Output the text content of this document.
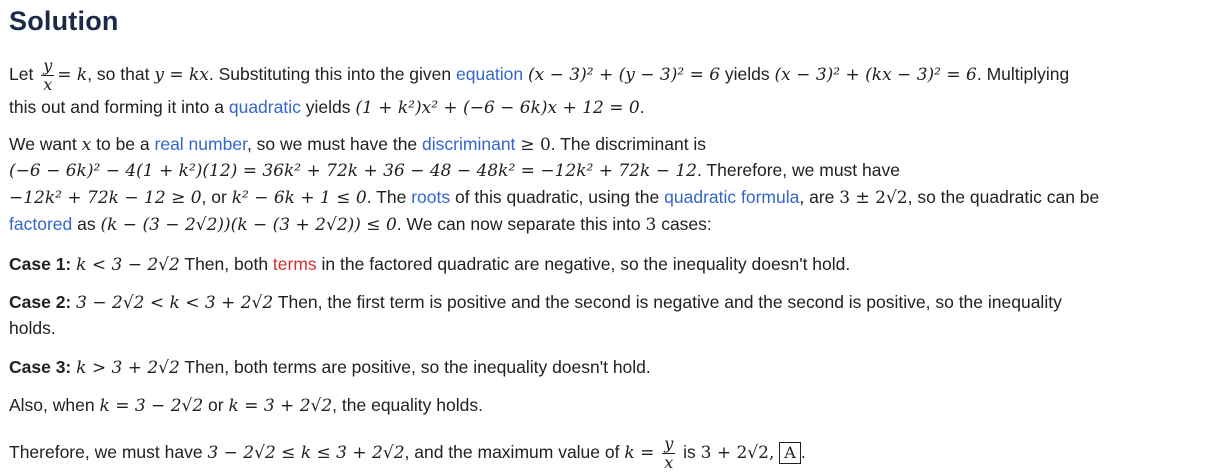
Solution
Let $\frac{y}{x} = k$, so that y = kx. Substituting this into the given equation (x − 3)² + (y − 3)² = 6 yields (x − 3)² + (kx − 3)² = 6. Multiplying
this out and forming it into a quadratic yields (1 + k²)x² + (−6 − 6k)x + 12 = 0.
We want x to be a real number, so we must have the discriminant ≥ 0. The discriminant is
(−6 − 6k)² − 4(1 + k²)(12) = 36k² + 72k + 36 − 48 − 48k² = −12k² + 72k − 12. Therefore, we must have
−12k² + 72k − 12 ≥ 0, or k² − 6k + 1 ≤ 0. The roots of this quadratic, using the quadratic formula, are 3 ± 2√2, so the quadratic can be
factored as (k − (3 − 2√2))(k − (3 + 2√2)) ≤ 0. We can now separate this into 3 cases:
Case 1: k < 3 − 2√2 Then, both terms in the factored quadratic are negative, so the inequality doesn't hold.
Case 2: 3 − 2√2 < k < 3 + 2√2 Then, the first term is positive and the second is negative and the second is positive, so the inequality
holds.
Case 3: k > 3 + 2√2 Then, both terms are positive, so the inequality doesn't hold.
Also, when k = 3 − 2√2 or k = 3 + 2√2, the equality holds.
Therefore, we must have 3 − 2√2 ≤ k ≤ 3 + 2√2, and the maximum value of $k = \frac{y}{x}$ is 3 + 2√2, A .
